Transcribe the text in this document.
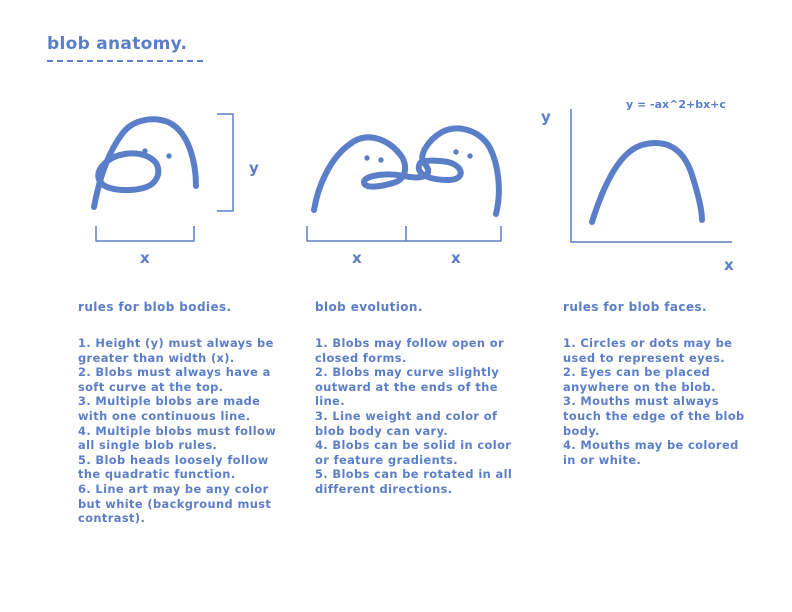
blob anatomy.
y
x	x	x
y = -ax^2+bx+c
y
x
rules for blob bodies.
1. Height (y) must always be greater than width (x).
2. Blobs must always have a soft curve at the top.
3. Multiple blobs are made with one continuous line.
4. Multiple blobs must follow all single blob rules.
5. Blob heads loosely follow the quadratic function.
6. Line art may be any color but white (background must contrast).
blob evolution.
1. Blobs may follow open or closed forms.
2. Blobs may curve slightly outward at the ends of the line.
3. Line weight and color of blob body can vary.
4. Blobs can be solid in color or feature gradients.
5. Blobs can be rotated in all different directions.
rules for blob faces.
1. Circles or dots may be used to represent eyes.
2. Eyes can be placed anywhere on the blob.
3. Mouths must always touch the edge of the blob body.
4. Mouths may be colored in or white.
